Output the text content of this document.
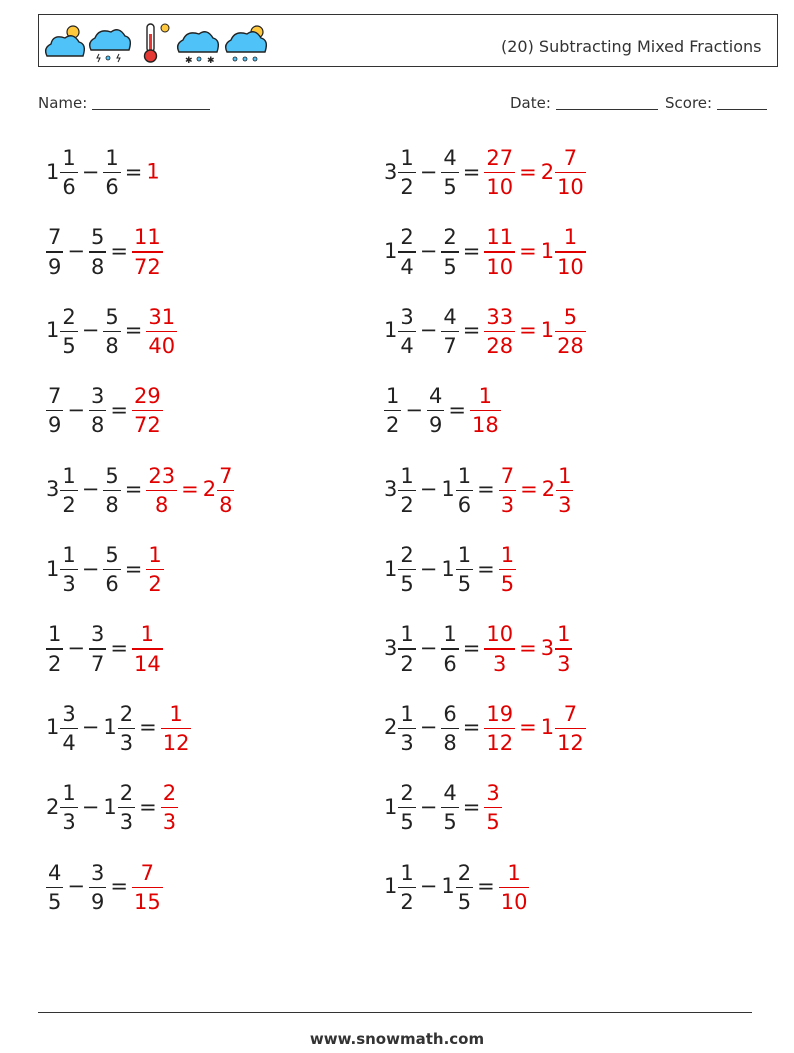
✱ ✱
(20) Subtracting Mixed Fractions
Name:	Date:	Score:
$1 \frac{1}{6} - \frac{1}{6} = 1$	$3 \frac{1}{2} - \frac{4}{5} = \frac{27}{10} = 2 \frac{7}{10}$
$\frac{7}{9} - \frac{5}{8} = \frac{11}{72}$	$1 \frac{2}{4} - \frac{2}{5} = \frac{11}{10} = 1 \frac{1}{10}$
$1 \frac{2}{5} - \frac{5}{8} = \frac{31}{40}$	$1 \frac{3}{4} - \frac{4}{7} = \frac{33}{28} = 1 \frac{5}{28}$
$\frac{7}{9} - \frac{3}{8} = \frac{29}{72}$	$\frac{1}{2} - \frac{4}{9} = \frac{1}{18}$
$3 \frac{1}{2} - \frac{5}{8} = \frac{23}{8} = 2 \frac{7}{8}$	$3 \frac{1}{2} - 1 \frac{1}{6} = \frac{7}{3} = 2 \frac{1}{3}$
$1 \frac{1}{3} - \frac{5}{6} = \frac{1}{2}$	$1 \frac{2}{5} - 1 \frac{1}{5} = \frac{1}{5}$
$\frac{1}{2} - \frac{3}{7} = \frac{1}{14}$	$3 \frac{1}{2} - \frac{1}{6} = \frac{10}{3} = 3 \frac{1}{3}$
$1 \frac{3}{4} - 1 \frac{2}{3} = \frac{1}{12}$	$2 \frac{1}{3} - \frac{6}{8} = \frac{19}{12} = 1 \frac{7}{12}$
$2 \frac{1}{3} - 1 \frac{2}{3} = \frac{2}{3}$	$1 \frac{2}{5} - \frac{4}{5} = \frac{3}{5}$
$\frac{4}{5} - \frac{3}{9} = \frac{7}{15}$	$1 \frac{1}{2} - 1 \frac{2}{5} = \frac{1}{10}$
www.snowmath.com
